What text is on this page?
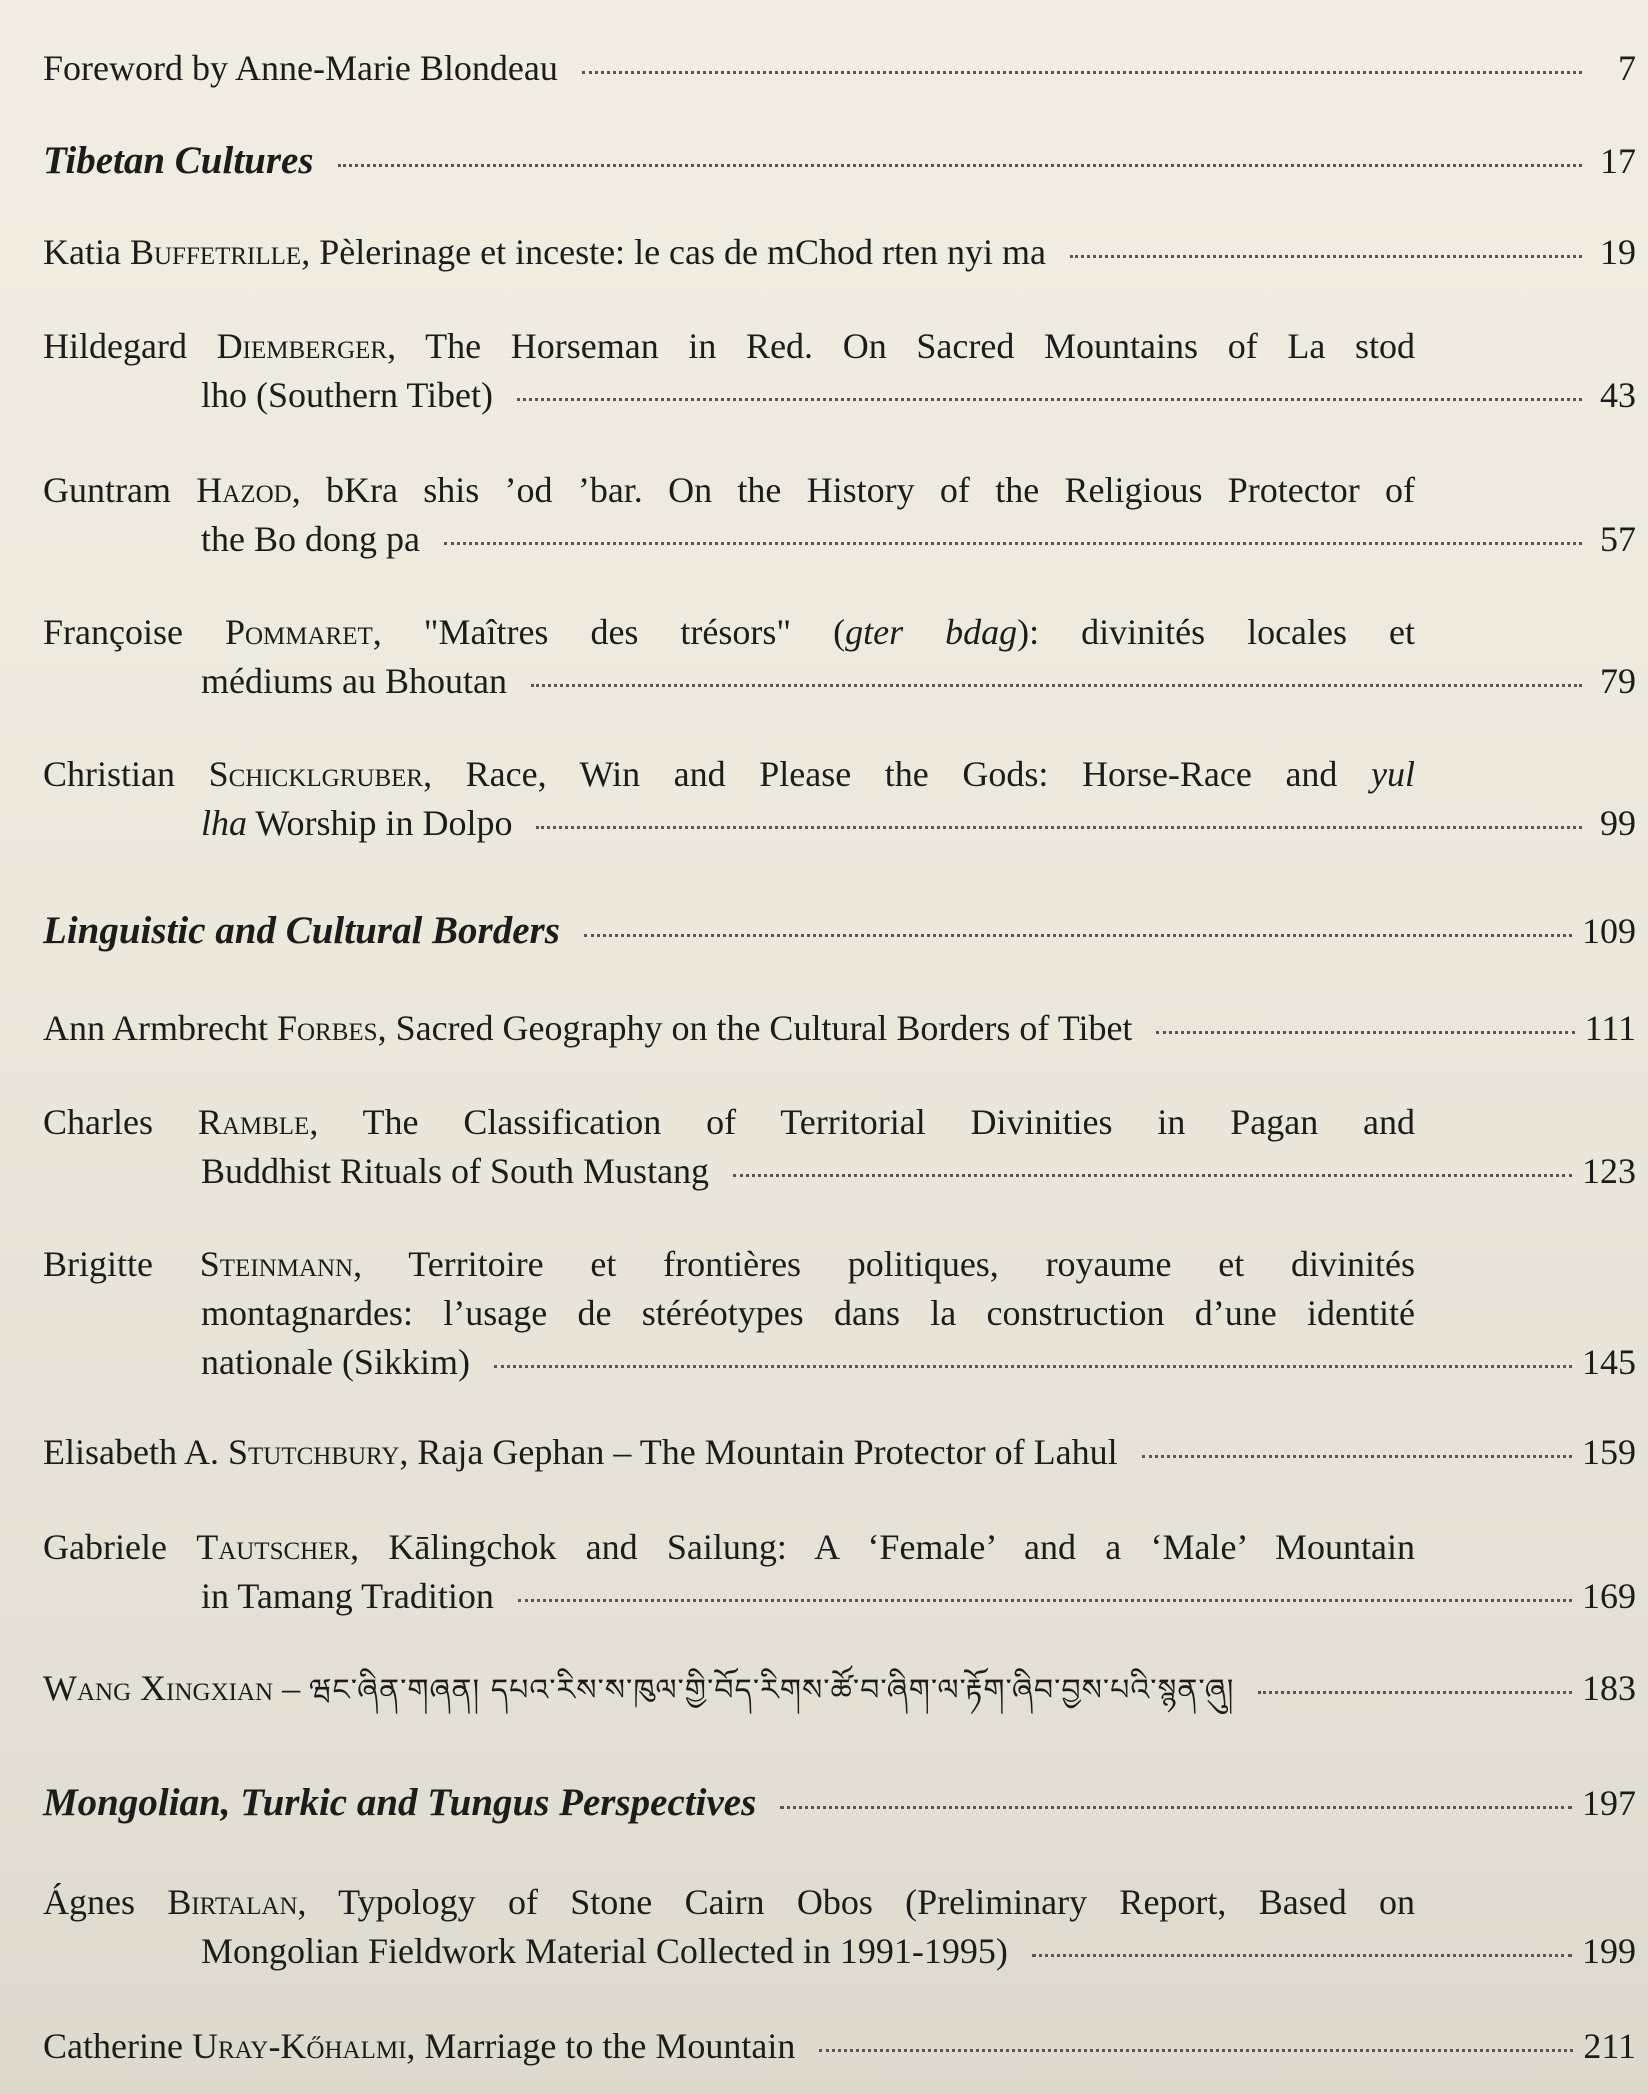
Foreword by Anne-Marie Blondeau	7
Tibetan Cultures	17
Katia Buffetrille, Pèlerinage et inceste: le cas de mChod rten nyi ma	19
Hildegard Diemberger, The Horseman in Red. On Sacred Mountains of La stod
lho (Southern Tibet)	43
Guntram Hazod, bKra shis ’od ’bar. On the History of the Religious Protector of
the Bo dong pa	57
Françoise Pommaret, "Maîtres des trésors" (gter bdag): divinités locales et
médiums au Bhoutan	79
Christian Schicklgruber, Race, Win and Please the Gods: Horse-Race and yul
lha Worship in Dolpo	99
Linguistic and Cultural Borders	109
Ann Armbrecht Forbes, Sacred Geography on the Cultural Borders of Tibet	111
Charles Ramble, The Classification of Territorial Divinities in Pagan and
Buddhist Rituals of South Mustang	123
Brigitte Steinmann, Territoire et frontières politiques, royaume et divinités
montagnardes: l’usage de stéréotypes dans la construction d’une identité
nationale (Sikkim)	145
Elisabeth A. Stutchbury, Raja Gephan – The Mountain Protector of Lahul	159
Gabriele Tautscher, Kālingchok and Sailung: A ‘Female’ and a ‘Male’ Mountain
in Tamang Tradition	169
Wang Xingxian – ཝང་ཞིན་གཞན། དཔའ་རིས་ས་ཁུལ་གྱི་བོད་རིགས་ཚོ་བ་ཞིག་ལ་རྟོག་ཞིབ་བྱས་པའི་སྙན་ཞུ།	183
Mongolian, Turkic and Tungus Perspectives	197
Ágnes Birtalan, Typology of Stone Cairn Obos (Preliminary Report, Based on
Mongolian Fieldwork Material Collected in 1991-1995)	199
Catherine Uray-Kőhalmi, Marriage to the Mountain	211
